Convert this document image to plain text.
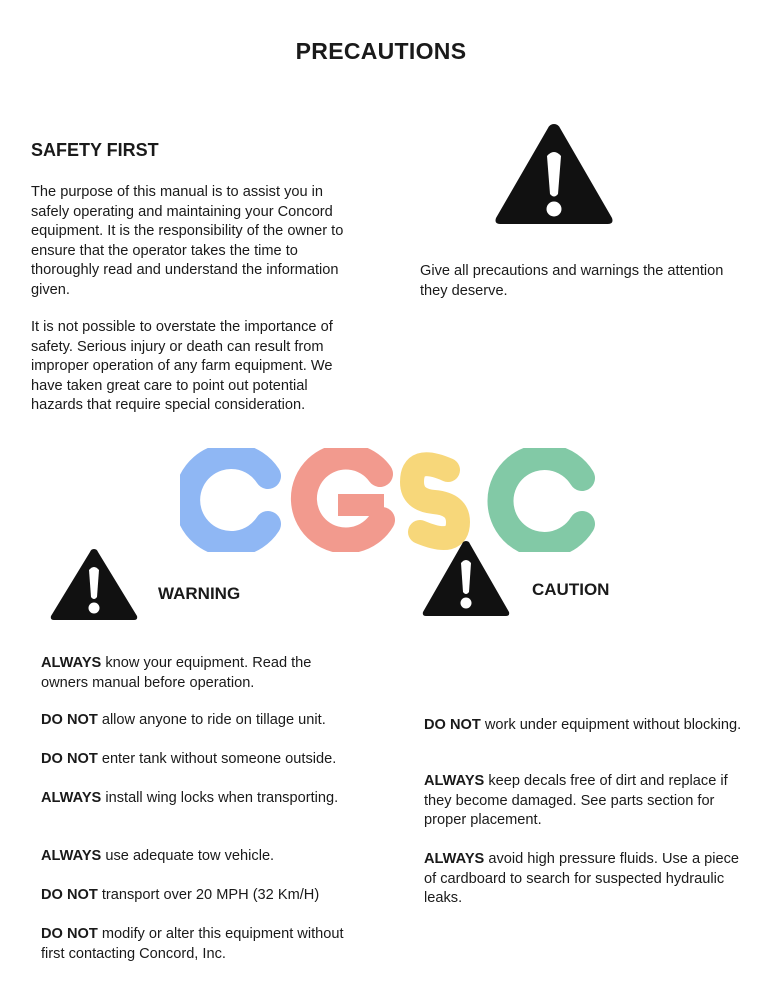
PRECAUTIONS
SAFETY FIRST

The purpose of this manual is to assist you in safely operating and maintaining your Concord equipment. It is the responsibility of the owner to ensure that the operator takes the time to thoroughly read and understand the information given.

It is not possible to overstate the importance of safety. Serious injury or death can result from improper operation of any farm equipment. We have taken great care to point out potential hazards that require special consideration.

Give all precautions and warnings the attention they deserve.

WARNING

ALWAYS know your equipment. Read the owners manual before operation.

DO NOT allow anyone to ride on tillage unit.

DO NOT enter tank without someone outside.

ALWAYS install wing locks when transporting.

ALWAYS use adequate tow vehicle.

DO NOT transport over 20 MPH (32 Km/H)

DO NOT modify or alter this equipment without first contacting Concord, Inc.

CAUTION

DO NOT work under equipment without blocking.

ALWAYS keep decals free of dirt and replace if they become damaged. See parts section for proper placement.

ALWAYS avoid high pressure fluids. Use a piece of cardboard to search for suspected hydraulic leaks.
